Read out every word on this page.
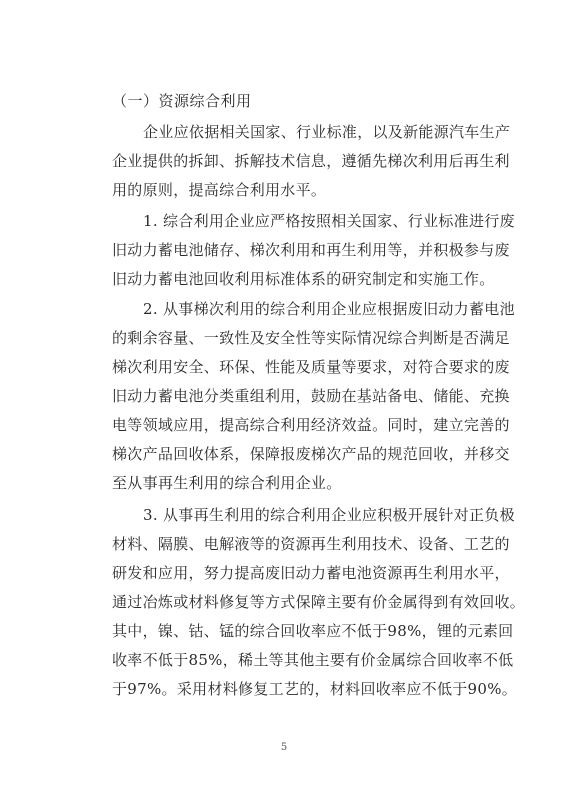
（一）资源综合利用
企业应依据相关国家、行业标准，以及新能源汽车生产
企业提供的拆卸、拆解技术信息，遵循先梯次利用后再生利
用的原则，提高综合利用水平。
1. 综合利用企业应严格按照相关国家、行业标准进行废
旧动力蓄电池储存、梯次利用和再生利用等，并积极参与废
旧动力蓄电池回收利用标准体系的研究制定和实施工作。
2. 从事梯次利用的综合利用企业应根据废旧动力蓄电池
的剩余容量、一致性及安全性等实际情况综合判断是否满足
梯次利用安全、环保、性能及质量等要求，对符合要求的废
旧动力蓄电池分类重组利用，鼓励在基站备电、储能、充换
电等领域应用，提高综合利用经济效益。同时，建立完善的
梯次产品回收体系，保障报废梯次产品的规范回收，并移交
至从事再生利用的综合利用企业。
3. 从事再生利用的综合利用企业应积极开展针对正负极
材料、隔膜、电解液等的资源再生利用技术、设备、工艺的
研发和应用，努力提高废旧动力蓄电池资源再生利用水平，
通过冶炼或材料修复等方式保障主要有价金属得到有效回收。
其中，镍、钴、锰的综合回收率应不低于98%，锂的元素回
收率不低于85%，稀土等其他主要有价金属综合回收率不低
于97%。采用材料修复工艺的，材料回收率应不低于90%。
5
